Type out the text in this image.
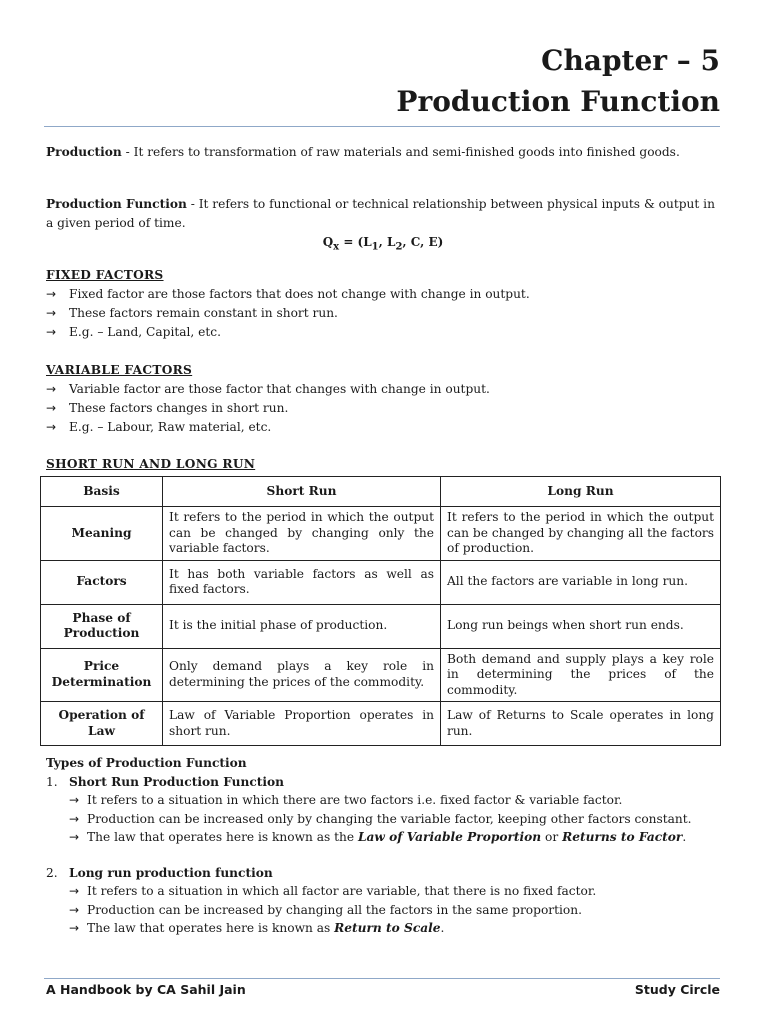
Chapter – 5
Production Function
Production - It refers to transformation of raw materials and semi-finished goods into finished goods.
Production Function - It refers to functional or technical relationship between physical inputs & output in a given period of time.
$Q_x = (L_1$, $L_2$, C, E)
FIXED FACTORS
→	Fixed factor are those factors that does not change with change in output.
→	These factors remain constant in short run.
→	E.g. – Land, Capital, etc.
VARIABLE FACTORS
→	Variable factor are those factor that changes with change in output.
→	These factors changes in short run.
→	E.g. – Labour, Raw material, etc.
SHORT RUN AND LONG RUN
Basis	Short Run	Long Run
Meaning	It refers to the period in which the output can be changed by changing only the variable factors.	It refers to the period in which the output can be changed by changing all the factors of production.
Factors	It has both variable factors as well as fixed factors.	All the factors are variable in long run.
Phase of Production	It is the initial phase of production.	Long run beings when short run ends.
Price Determination	Only demand plays a key role in determining the prices of the commodity.	Both demand and supply plays a key role in determining the prices of the commodity.
Operation of Law	Law of Variable Proportion operates in short run.	Law of Returns to Scale operates in long run.
Types of Production Function
1. Short Run Production Function
→ It refers to a situation in which there are two factors i.e. fixed factor & variable factor.
→ Production can be increased only by changing the variable factor, keeping other factors constant.
→ The law that operates here is known as the Law of Variable Proportion or Returns to Factor.
2. Long run production function
→ It refers to a situation in which all factor are variable, that there is no fixed factor.
→ Production can be increased by changing all the factors in the same proportion.
→ The law that operates here is known as Return to Scale.
A Handbook by CA Sahil Jain	Study Circle
